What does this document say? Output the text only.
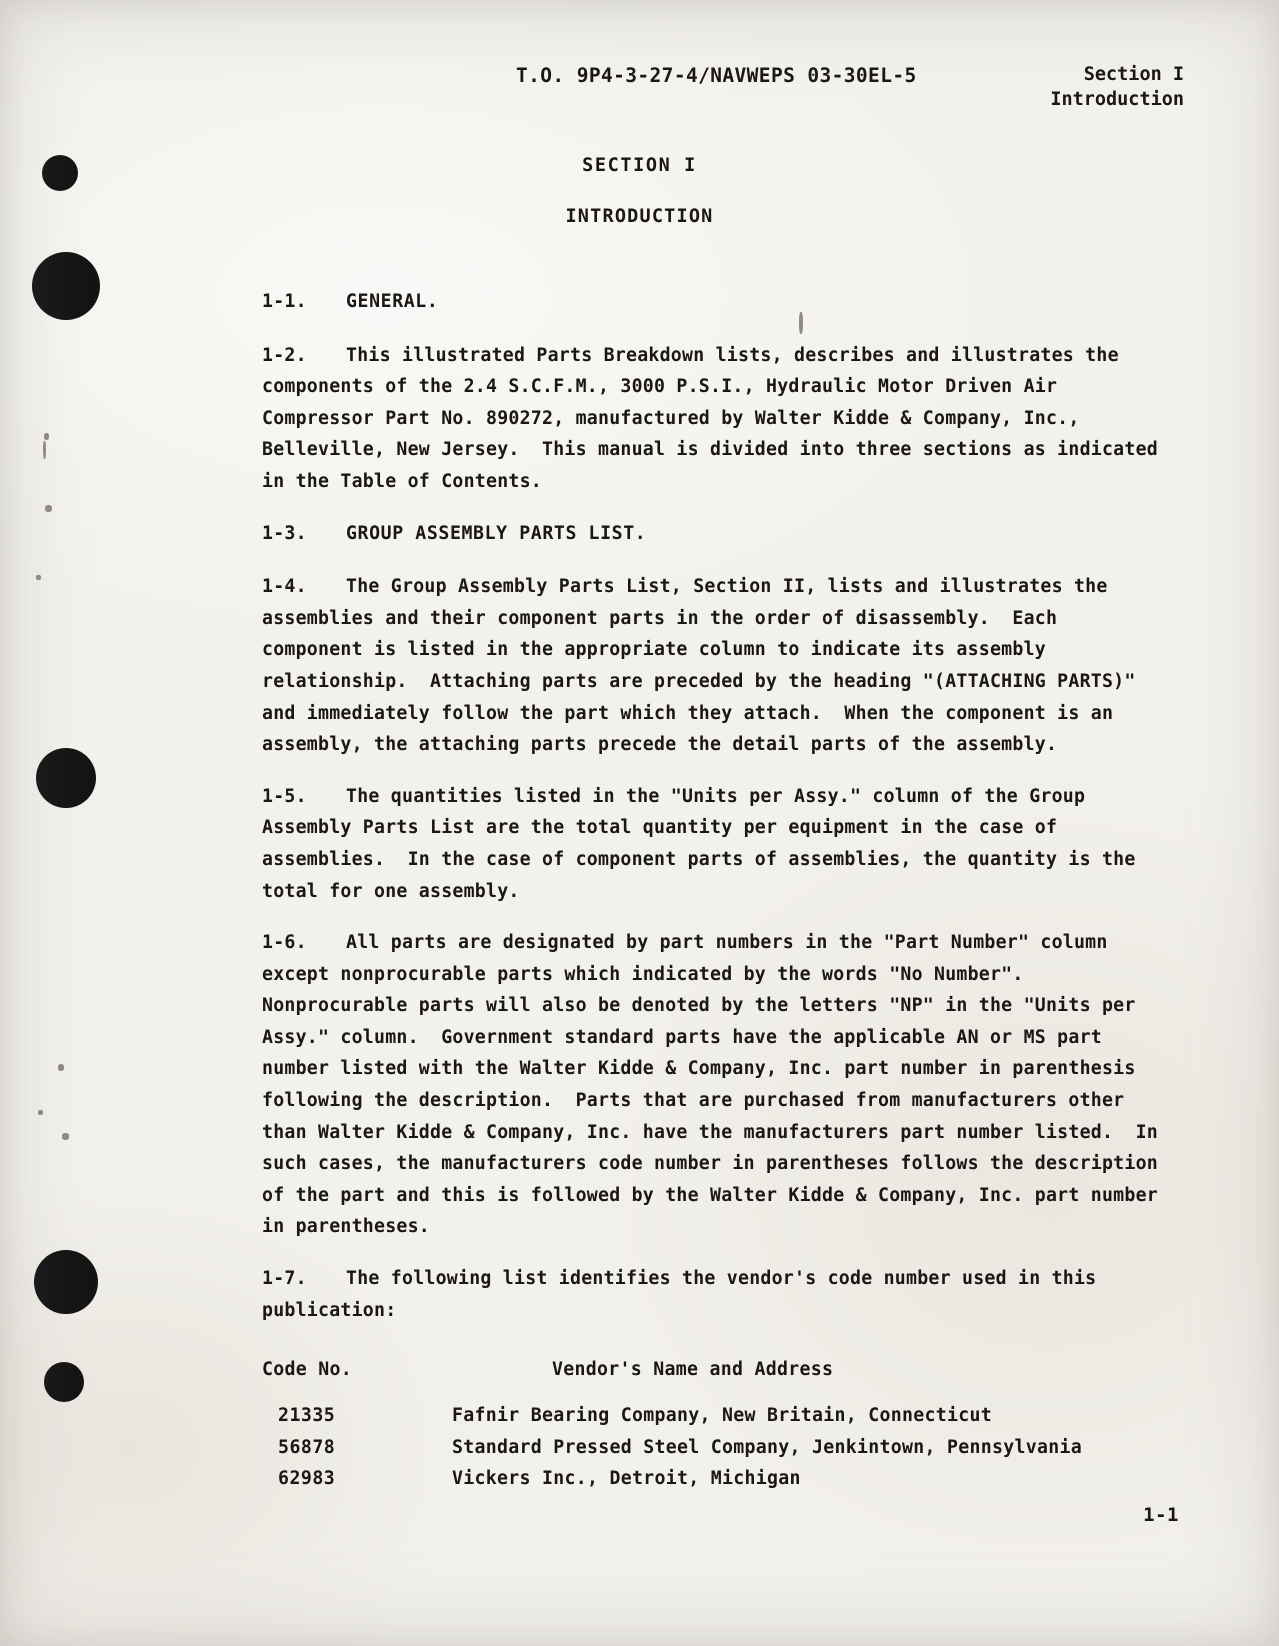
T.O. 9P4-3-27-4/NAVWEPS 03-30EL-5	Section I
Introduction
SECTION I
INTRODUCTION
1-1. GENERAL.
1-2. This illustrated Parts Breakdown lists, describes and illustrates the components of the 2.4 S.C.F.M., 3000 P.S.I., Hydraulic Motor Driven Air Compressor Part No. 890272, manufactured by Walter Kidde & Company, Inc., Belleville, New Jersey.  This manual is divided into three sections as indicated in the Table of Contents.
1-3. GROUP ASSEMBLY PARTS LIST.
1-4. The Group Assembly Parts List, Section II, lists and illustrates the assemblies and their component parts in the order of disassembly.  Each component is listed in the appropriate column to indicate its assembly relationship.  Attaching parts are preceded by the heading "(ATTACHING PARTS)" and immediately follow the part which they attach.  When the component is an assembly, the attaching parts precede the detail parts of the assembly.
1-5. The quantities listed in the "Units per Assy." column of the Group Assembly Parts List are the total quantity per equipment in the case of assemblies.  In the case of component parts of assemblies, the quantity is the total for one assembly.
1-6. All parts are designated by part numbers in the "Part Number" column except nonprocurable parts which indicated by the words "No Number".  Nonprocurable parts will also be denoted by the letters "NP" in the "Units per Assy." column.  Government standard parts have the applicable AN or MS part number listed with the Walter Kidde & Company, Inc. part number in parenthesis following the description.  Parts that are purchased from manufacturers other than Walter Kidde & Company, Inc. have the manufacturers part number listed.  In such cases, the manufacturers code number in parentheses follows the description of the part and this is followed by the Walter Kidde & Company, Inc. part number in parentheses.
1-7. The following list identifies the vendor's code number used in this publication:
Code No.	Vendor's Name and Address
21335	Fafnir Bearing Company, New Britain, Connecticut
56878	Standard Pressed Steel Company, Jenkintown, Pennsylvania
62983	Vickers Inc., Detroit, Michigan
1-1
